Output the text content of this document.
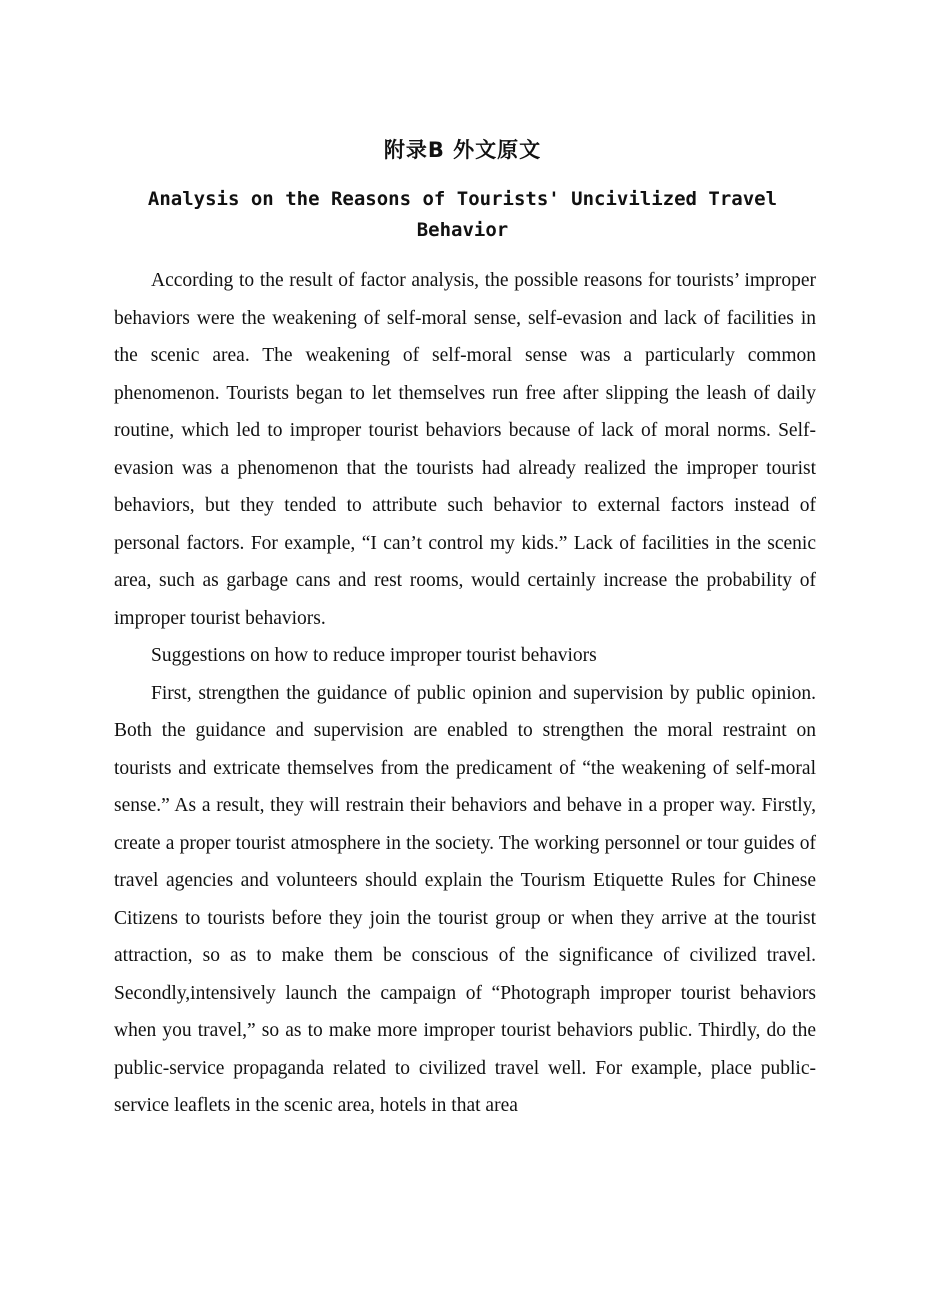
附录B 外文原文
Analysis on the Reasons of Tourists' Uncivilized Travel Behavior

According to the result of factor analysis, the possible reasons for tourists’ improper behaviors were the weakening of self-moral sense, self-evasion and lack of facilities in the scenic area. The weakening of self-moral sense was a particularly common phenomenon. Tourists began to let themselves run free after slipping the leash of daily routine, which led to improper tourist behaviors because of lack of moral norms. Self-evasion was a phenomenon that the tourists had already realized the improper tourist behaviors, but they tended to attribute such behavior to external factors instead of personal factors. For example, “I can’t control my kids.” Lack of facilities in the scenic area, such as garbage cans and rest rooms, would certainly increase the probability of improper tourist behaviors.

Suggestions on how to reduce improper tourist behaviors

First, strengthen the guidance of public opinion and supervision by public opinion. Both the guidance and supervision are enabled to strengthen the moral restraint on tourists and extricate themselves from the predicament of “the weakening of self-moral sense.” As a result, they will restrain their behaviors and behave in a proper way. Firstly, create a proper tourist atmosphere in the society. The working personnel or tour guides of travel agencies and volunteers should explain the Tourism Etiquette Rules for Chinese Citizens to tourists before they join the tourist group or when they arrive at the tourist attraction, so as to make them be conscious of the significance of civilized travel. Secondly,intensively launch the campaign of “Photograph improper tourist behaviors when you travel,” so as to make more improper tourist behaviors public. Thirdly, do the public-service propaganda related to civilized travel well. For example, place public-service leaflets in the scenic area, hotels in that area
